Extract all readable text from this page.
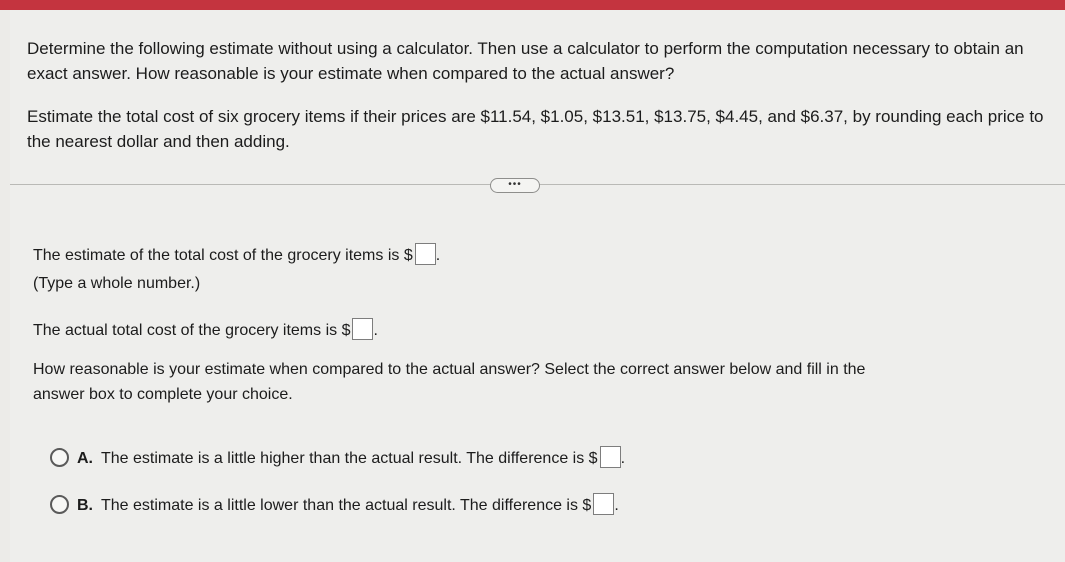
Determine the following estimate without using a calculator. Then use a calculator to perform the computation necessary to obtain an exact answer. How reasonable is your estimate when compared to the actual answer?

Estimate the total cost of six grocery items if their prices are $11.54, $1.05, $13.51, $13.75, $4.45, and $6.37, by rounding each price to the nearest dollar and then adding.

•••
The estimate of the total cost of the grocery items is $ .
(Type a whole number.)
The actual total cost of the grocery items is $ .
How reasonable is your estimate when compared to the actual answer? Select the correct answer below and fill in the
answer box to complete your choice.
A. The estimate is a little higher than the actual result. The difference is $ .
B. The estimate is a little lower than the actual result. The difference is $ .
